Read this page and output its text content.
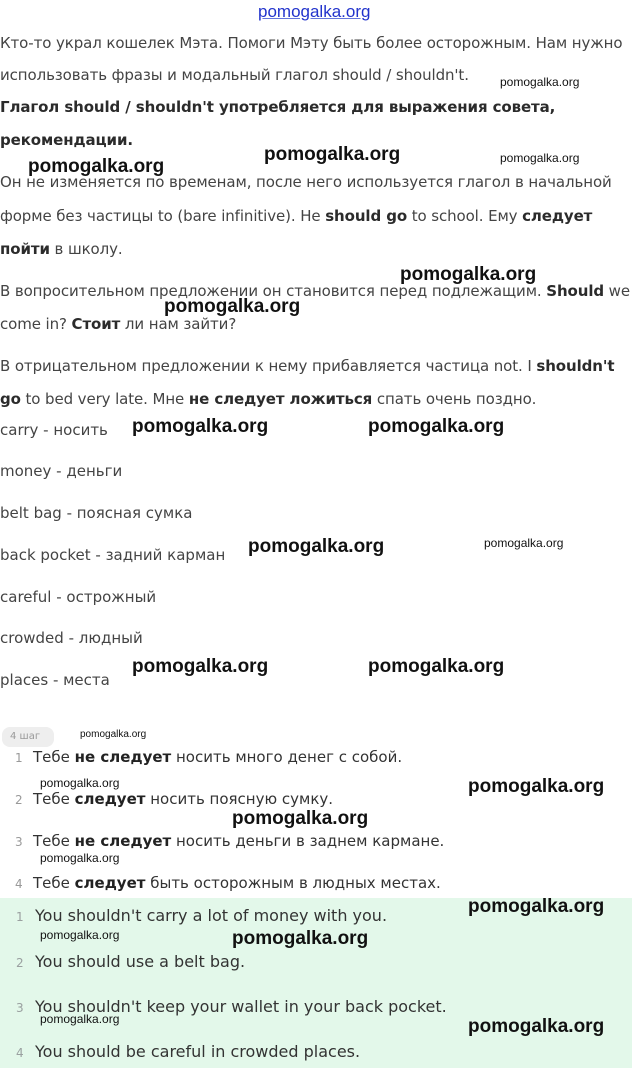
pomogalka.org
Кто-то украл кошелек Мэта. Помоги Мэту быть более осторожным. Нам нужно
использовать фразы и модальный глагол should / shouldn't.
Глагол should / shouldn't употребляется для выражения совета,
рекомендации.
Он не изменяется по временам, после него используется глагол в начальной
форме без частицы to (bare infinitive). He should go to school. Ему следует
пойти в школу.
В вопросительном предложении он становится перед подлежащим. Should we
come in? Стоит ли нам зайти?
В отрицательном предложении к нему прибавляется частица not. I shouldn't
go to bed very late. Мне не следует ложиться спать очень поздно.
carry - носить
money - деньги
belt bag - поясная сумка
back pocket - задний карман
careful - острожный
crowded - людный
places - места
4 шаг
1 Тебе не следует носить много денег с собой.
2 Тебе следует носить поясную сумку.
3 Тебе не следует носить деньги в заднем кармане.
4 Тебе следует быть осторожным в людных местах.
1 You shouldn't carry a lot of money with you.
2 You should use a belt bag.
3 You shouldn't keep your wallet in your back pocket.
4 You should be careful in crowded places.
pomogalka.org
pomogalka.org
pomogalka.org	pomogalka.org
pomogalka.org
pomogalka.org
pomogalka.org	pomogalka.org
pomogalka.org	pomogalka.org
pomogalka.org	pomogalka.org
pomogalka.org
pomogalka.org	pomogalka.org
pomogalka.org
pomogalka.org
pomogalka.org
pomogalka.org	pomogalka.org
pomogalka.org	pomogalka.org
